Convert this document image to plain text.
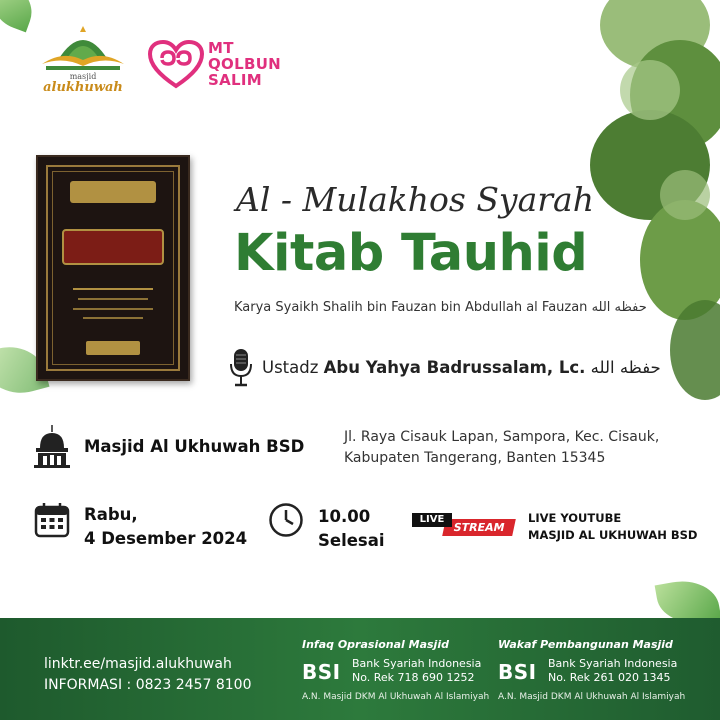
masjid
alukhuwah
MT
QOLBUN
SALIM
Al - Mulakhos Syarah
Kitab Tauhid
Karya Syaikh Shalih bin Fauzan bin Abdullah al Fauzan حفظه الله
Ustadz Abu Yahya Badrussalam, Lc. حفظه الله
Masjid Al Ukhuwah BSD	Jl. Raya Cisauk Lapan, Sampora, Kec. Cisauk,
Kabupaten Tangerang, Banten 15345
Rabu,
4 Desember 2024
10.00
Selesai
STREAM
LIVE	LIVE YOUTUBE
MASJID AL UKHUWAH BSD
linktr.ee/masjid.alukhuwah
INFORMASI : 0823 2457 8100
Infaq Oprasional Masjid
BSI Bank Syariah Indonesia
No. Rek 718 690 1252
A.N. Masjid DKM Al Ukhuwah Al Islamiyah
Wakaf Pembangunan Masjid
BSI Bank Syariah Indonesia
No. Rek 261 020 1345
A.N. Masjid DKM Al Ukhuwah Al Islamiyah
